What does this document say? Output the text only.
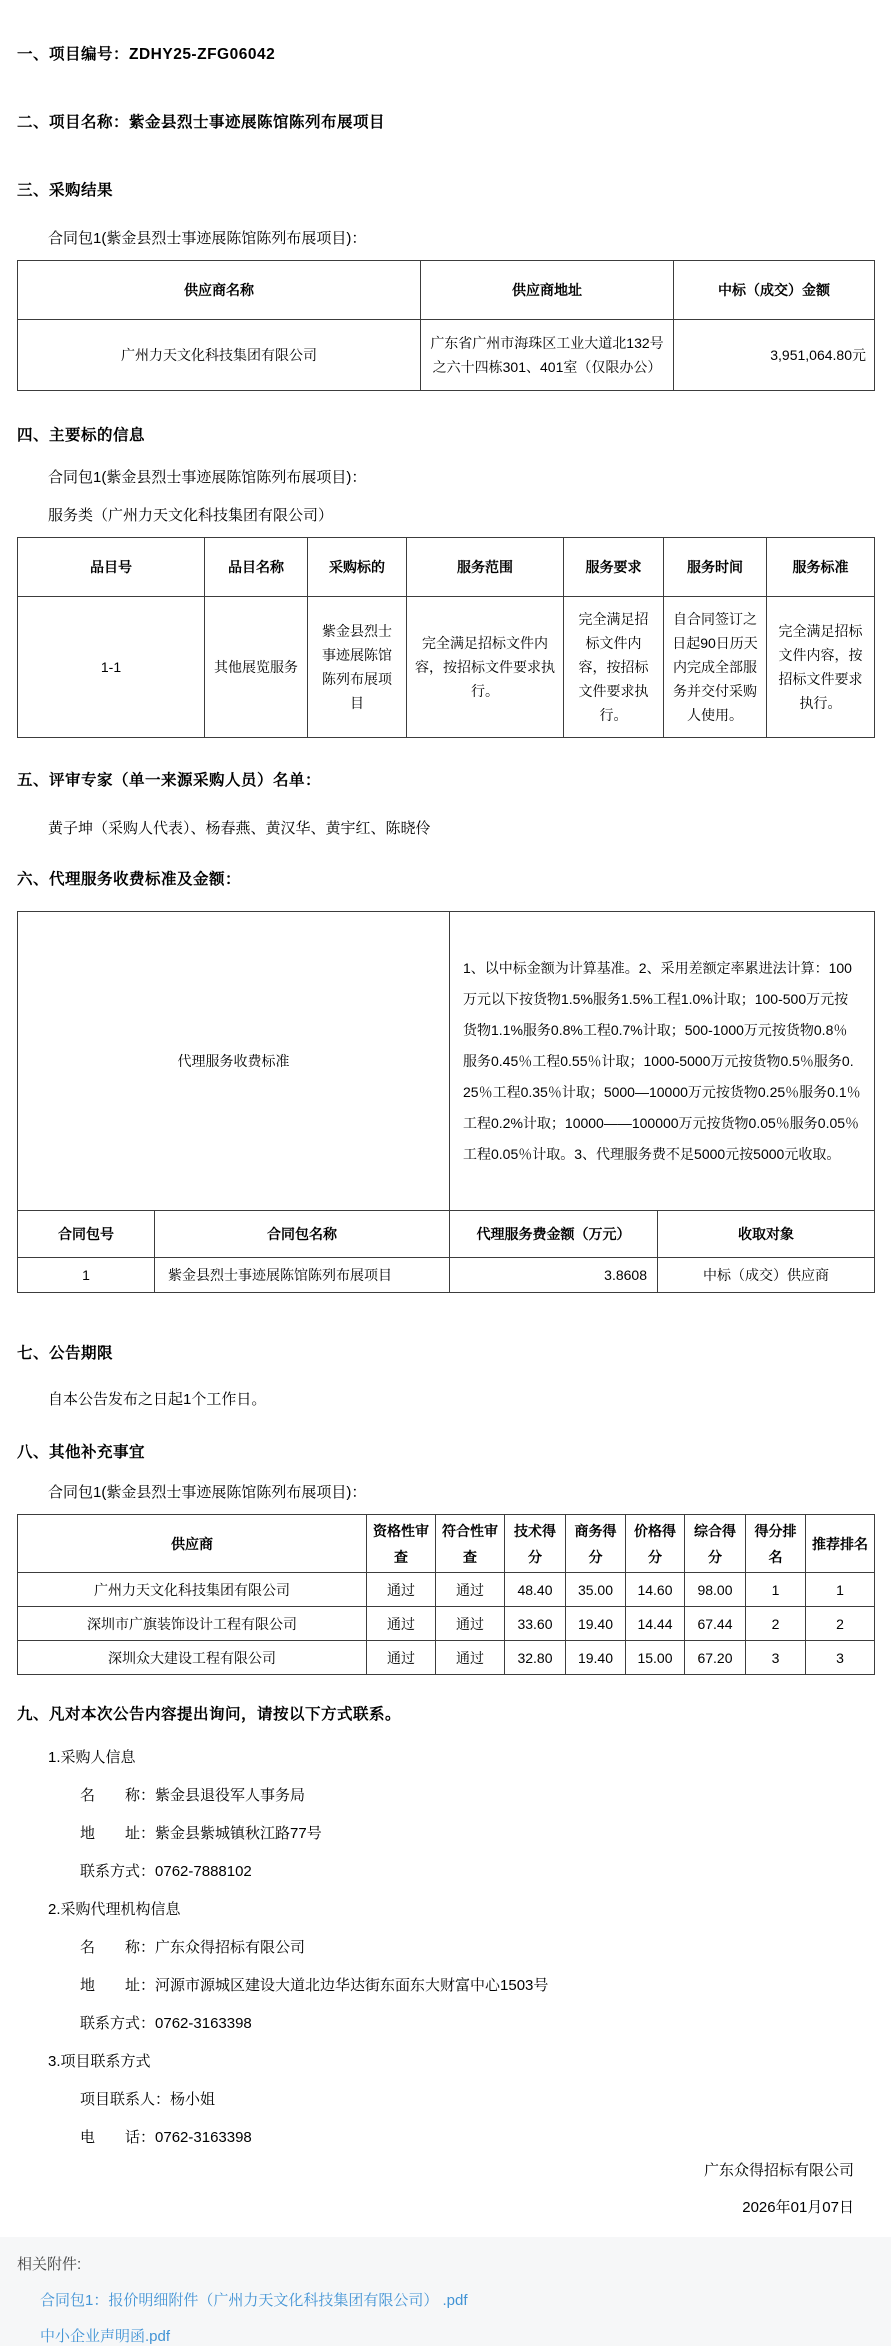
一、项目编号：ZDHY25-ZFG06042
二、项目名称：紫金县烈士事迹展陈馆陈列布展项目
三、采购结果
合同包1(紫金县烈士事迹展陈馆陈列布展项目)：
供应商名称	供应商地址	中标（成交）金额
广州力天文化科技集团有限公司	广东省广州市海珠区工业大道北132号之六十四栋301、401室（仅限办公）	3,951,064.80元
四、主要标的信息
合同包1(紫金县烈士事迹展陈馆陈列布展项目)：
服务类（广州力天文化科技集团有限公司）
品目号	品目名称	采购标的	服务范围	服务要求	服务时间	服务标准
1-1	其他展览服务	紫金县烈士事迹展陈馆陈列布展项目	完全满足招标文件内容，按招标文件要求执行。	完全满足招标文件内容，按招标文件要求执行。	自合同签订之日起90日历天内完成全部服务并交付采购人使用。	完全满足招标文件内容，按招标文件要求执行。
五、评审专家（单一来源采购人员）名单：
黄子坤（采购人代表）、杨春燕、黄汉华、黄宇红、陈晓伶
六、代理服务收费标准及金额：
代理服务收费标准		1、以中标金额为计算基准。2、采用差额定率累进法计算：100万元以下按货物1.5%服务1.5%工程1.0%计取；100-500万元按货物1.1%服务0.8%工程0.7%计取；500-1000万元按货物0.8％服务0.45％工程0.55％计取；1000-5000万元按货物0.5％服务0.25％工程0.35％计取；5000—10000万元按货物0.25％服务0.1％工程0.2%计取；10000——100000万元按货物0.05％服务0.05％工程0.05％计取。3、代理服务费不足5000元按5000元收取。	
合同包号	合同包名称	代理服务费金额（万元）	收取对象
1	紫金县烈士事迹展陈馆陈列布展项目	3.8608	中标（成交）供应商
七、公告期限
自本公告发布之日起1个工作日。
八、其他补充事宜
合同包1(紫金县烈士事迹展陈馆陈列布展项目)：
供应商	资格性审查	符合性审查	技术得分	商务得分	价格得分	综合得分	得分排名	推荐排名
广州力天文化科技集团有限公司	通过	通过	48.40	35.00	14.60	98.00	1	1
深圳市广旗装饰设计工程有限公司	通过	通过	33.60	19.40	14.44	67.44	2	2
深圳众大建设工程有限公司	通过	通过	32.80	19.40	15.00	67.20	3	3
九、凡对本次公告内容提出询问，请按以下方式联系。
1.采购人信息
名　　称：紫金县退役军人事务局
地　　址：紫金县紫城镇秋江路77号
联系方式：0762-7888102
2.采购代理机构信息
名　　称：广东众得招标有限公司
地　　址：河源市源城区建设大道北边华达街东面东大财富中心1503号
联系方式：0762-3163398
3.项目联系方式
项目联系人：杨小姐
电　　话：0762-3163398
广东众得招标有限公司
2026年01月07日
相关附件:
合同包1：报价明细附件（广州力天文化科技集团有限公司） .pdf
中小企业声明函.pdf
